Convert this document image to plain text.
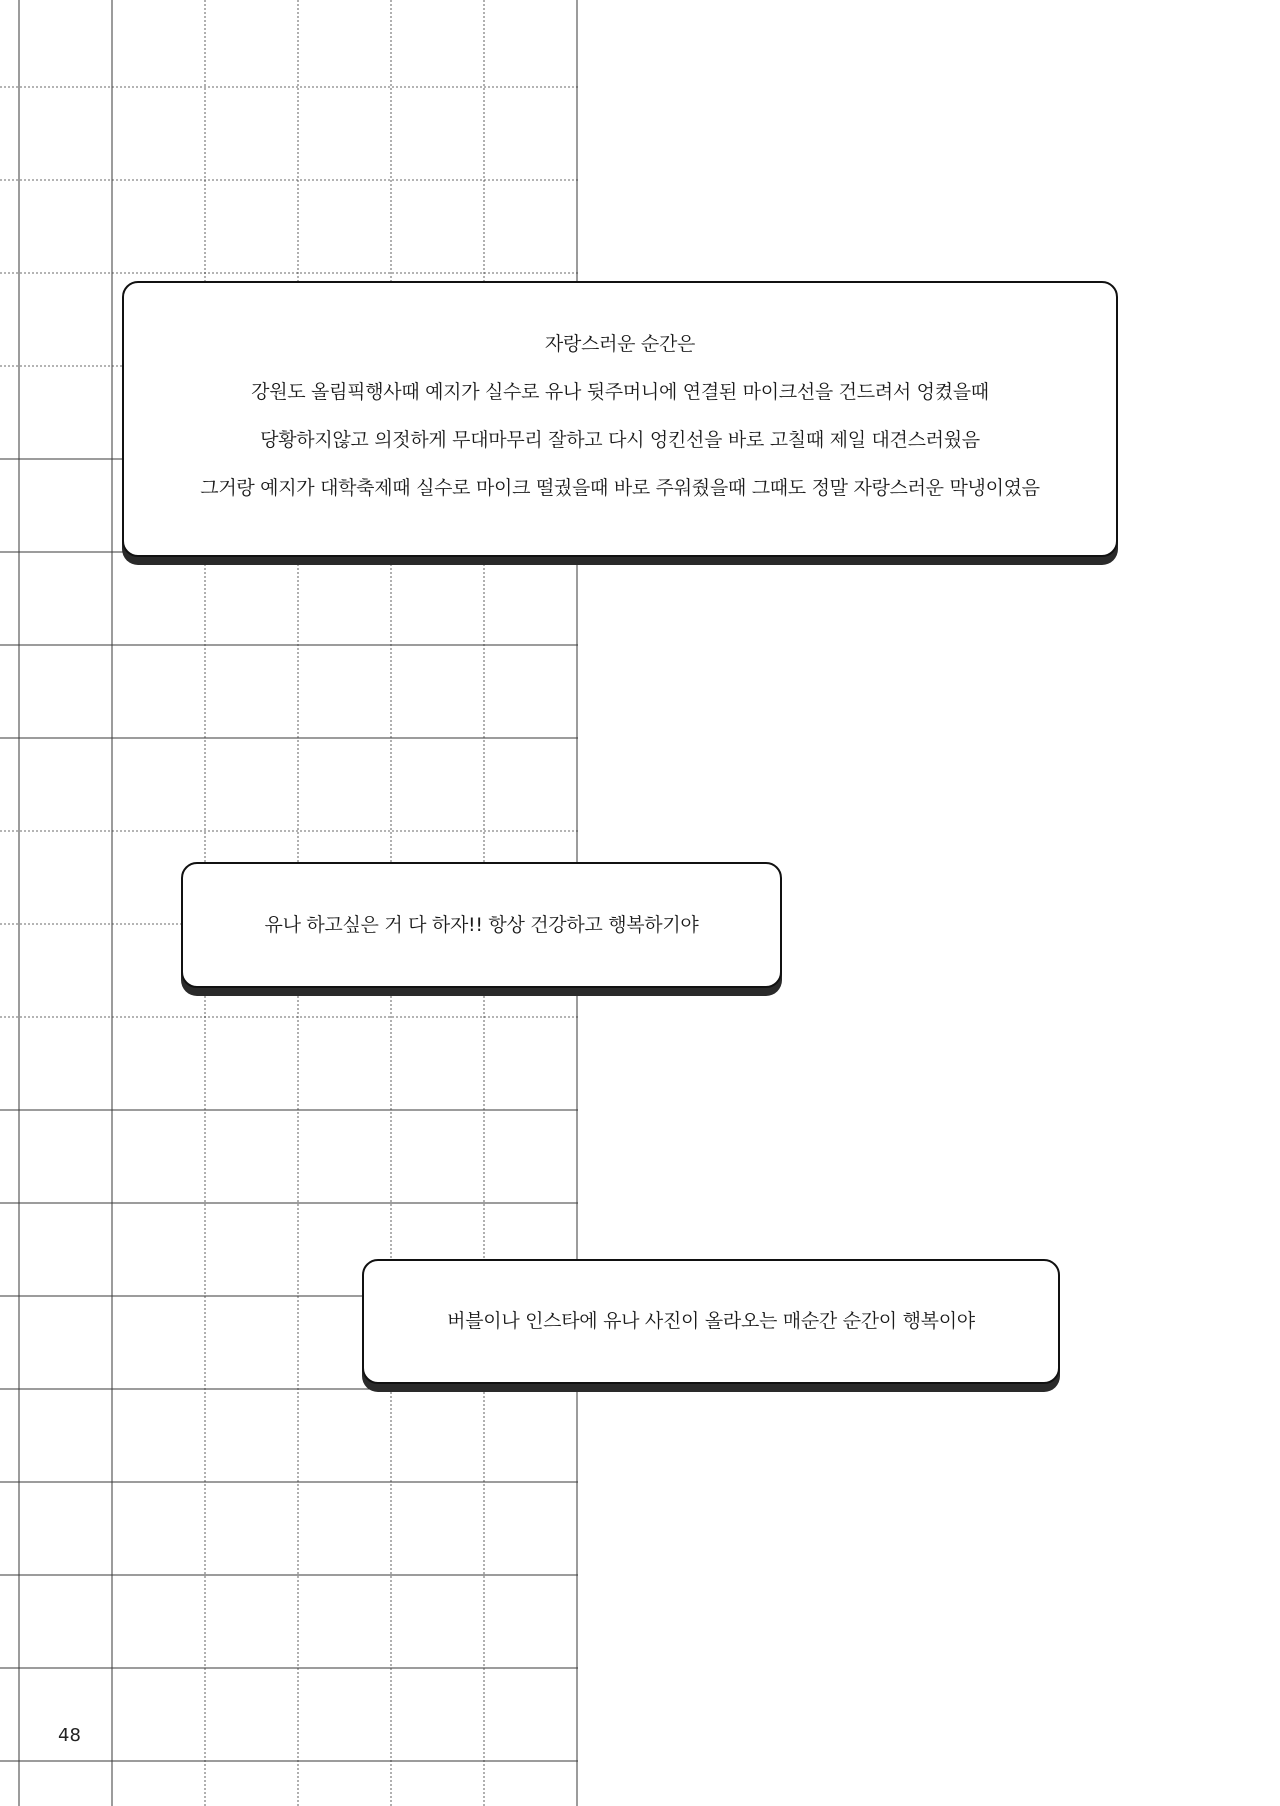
자랑스러운 순간은

강원도 올림픽행사때 예지가 실수로 유나 뒷주머니에 연결된 마이크선을 건드려서 엉켰을때

당황하지않고 의젓하게 무대마무리 잘하고 다시 엉킨선을 바로 고칠때 제일 대견스러웠음

그거랑 예지가 대학축제때 실수로 마이크 떨궜을때 바로 주워줬을때 그때도 정말 자랑스러운 막냉이였음

유나 하고싶은 거 다 하자!! 항상 건강하고 행복하기야

버블이나 인스타에 유나 사진이 올라오는 매순간 순간이 행복이야

48
